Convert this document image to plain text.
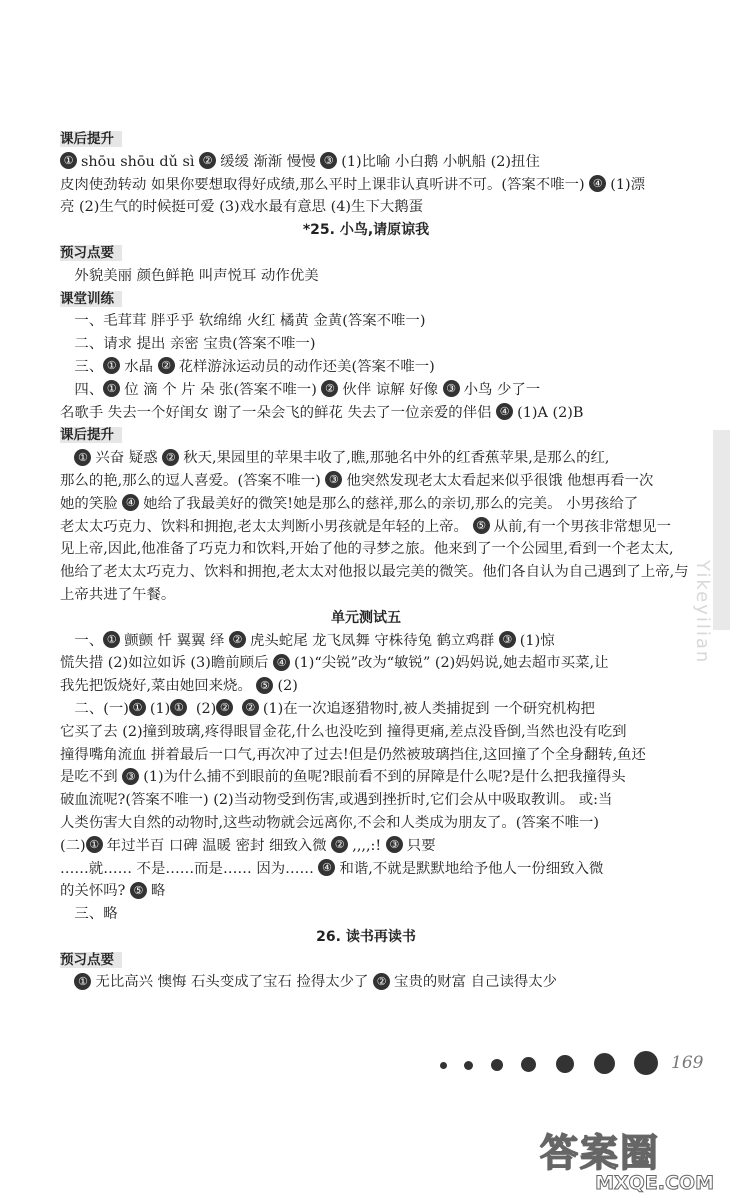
Yikeyilian
课后提升
① shōu shōu dǔ sì ② 缓缓 渐渐 慢慢 ③ (1)比喻 小白鹅 小帆船 (2)扭住
皮肉使劲转动 如果你要想取得好成绩,那么平时上课非认真听讲不可。(答案不唯一) ④ (1)漂
亮 (2)生气的时候挺可爱 (3)戏水最有意思 (4)生下大鹅蛋
*25. 小鸟,请原谅我
预习点要
　外貌美丽 颜色鲜艳 叫声悦耳 动作优美
课堂训练
　一、毛茸茸 胖乎乎 软绵绵 火红 橘黄 金黄(答案不唯一)
　二、请求 提出 亲密 宝贵(答案不唯一)
　三、 ① 水晶 ② 花样游泳运动员的动作还美(答案不唯一)
　四、 ① 位 滴 个 片 朵 张(答案不唯一) ② 伙伴 谅解 好像 ③ 小鸟 少了一
名歌手 失去一个好闺女 谢了一朵会飞的鲜花 失去了一位亲爱的伴侣 ④ (1)A (2)B
课后提升
　① 兴奋 疑惑 ② 秋天,果园里的苹果丰收了,瞧,那驰名中外的红香蕉苹果,是那么的红,
那么的艳,那么的逗人喜爱。(答案不唯一) ③ 他突然发现老太太看起来似乎很饿 他想再看一次
她的笑脸 ④ 她给了我最美好的微笑!她是那么的慈祥,那么的亲切,那么的完美。 小男孩给了
老太太巧克力、饮料和拥抱,老太太判断小男孩就是年轻的上帝。 ⑤ 从前,有一个男孩非常想见一
见上帝,因此,他准备了巧克力和饮料,开始了他的寻梦之旅。他来到了一个公园里,看到一个老太太,
他给了老太太巧克力、饮料和拥抱,老太太对他报以最完美的微笑。他们各自认为自己遇到了上帝,与
上帝共进了午餐。
单元测试五
　一、 ① 颤颤 忏 翼翼 绎 ② 虎头蛇尾 龙飞凤舞 守株待兔 鹤立鸡群 ③ (1)惊
慌失措 (2)如泣如诉 (3)瞻前顾后 ④ (1)“尖锐”改为“敏锐” (2)妈妈说,她去超市买菜,让
我先把饭烧好,菜由她回来烧。 ⑤ (2)
　二、(一) ① (1) ① (2) ② ② (1)在一次追逐猎物时,被人类捕捉到 一个研究机构把
它买了去 (2)撞到玻璃,疼得眼冒金花,什么也没吃到 撞得更痛,差点没昏倒,当然也没有吃到
撞得嘴角流血 拼着最后一口气,再次冲了过去!但是仍然被玻璃挡住,这回撞了个全身翻转,鱼还
是吃不到 ③ (1)为什么捕不到眼前的鱼呢?眼前看不到的屏障是什么呢?是什么把我撞得头
破血流呢?(答案不唯一) (2)当动物受到伤害,或遇到挫折时,它们会从中吸取教训。 或:当
人类伤害大自然的动物时,这些动物就会远离你,不会和人类成为朋友了。(答案不唯一)
(二) ① 年过半百 口碑 温暖 密封 细致入微 ② ,,,,:! ③ 只要
……就…… 不是……而是…… 因为…… ④ 和谐,不就是默默地给予他人一份细致入微
的关怀吗? ⑤ 略
　三、略
26. 读书再读书
预习点要
　① 无比高兴 懊悔 石头变成了宝石 捡得太少了 ② 宝贵的财富 自己读得太少
169
答案圈
MXQE.COM
